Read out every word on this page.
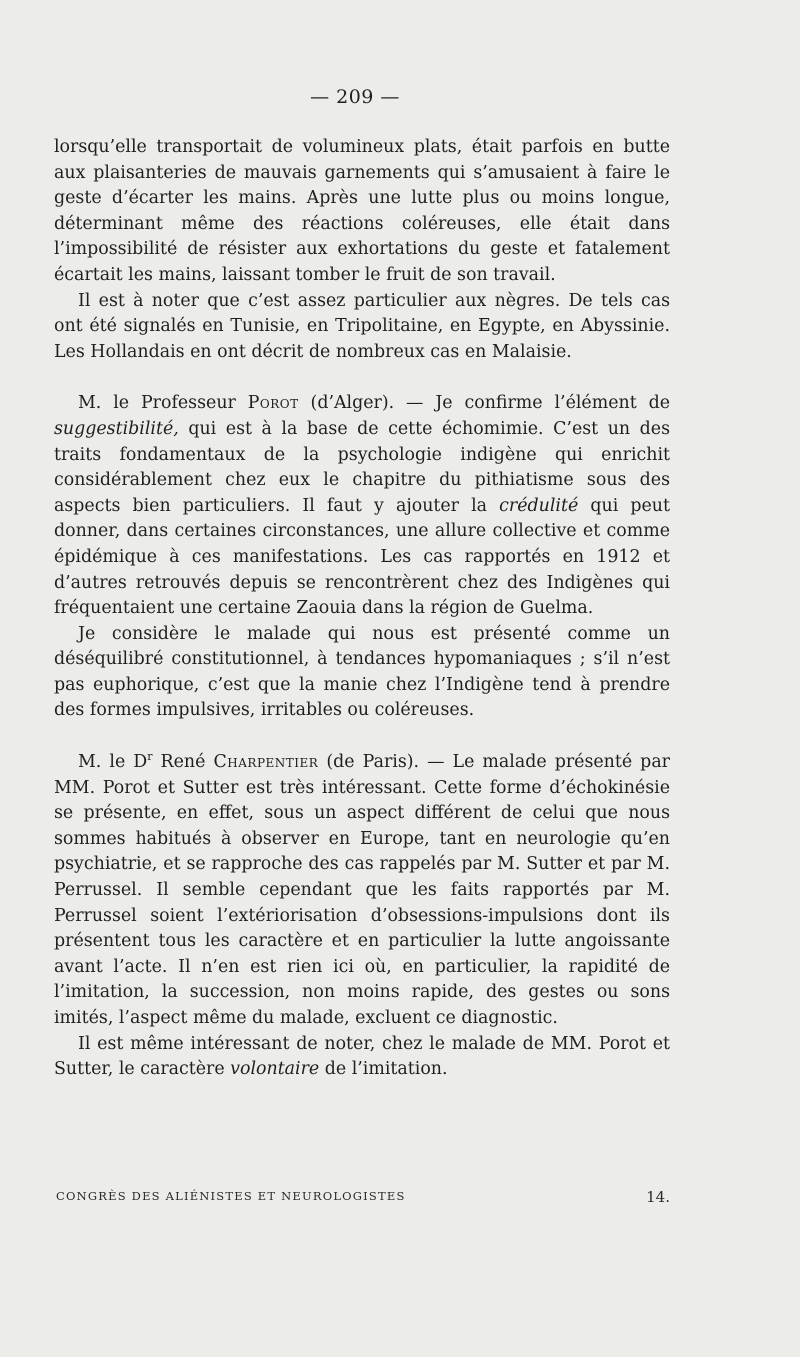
— 209 —

lorsqu’elle transportait de volumineux plats, était parfois en butte aux plaisanteries de mauvais garnements qui s’amusaient à faire le geste d’écarter les mains. Après une lutte plus ou moins longue, déterminant même des réactions coléreuses, elle était dans l’impossibilité de résister aux exhortations du geste et fatalement écartait les mains, laissant tomber le fruit de son travail.

Il est à noter que c’est assez particulier aux nègres. De tels cas ont été signalés en Tunisie, en Tripolitaine, en Egypte, en Abyssinie. Les Hollandais en ont décrit de nombreux cas en Malaisie.

M. le Professeur Porot (d’Alger). — Je confirme l’élément de suggestibilité, qui est à la base de cette échomimie. C’est un des traits fondamentaux de la psychologie indigène qui enrichit considérablement chez eux le chapitre du pithiatisme sous des aspects bien particuliers. Il faut y ajouter la crédulité qui peut donner, dans certaines circonstances, une allure collective et comme épidémique à ces manifestations. Les cas rapportés en 1912 et d’autres retrouvés depuis se rencontrèrent chez des Indigènes qui fréquentaient une certaine Zaouia dans la région de Guelma.

Je considère le malade qui nous est présenté comme un déséquilibré constitutionnel, à tendances hypomaniaques ; s’il n’est pas euphorique, c’est que la manie chez l’Indigène tend à prendre des formes impulsives, irritables ou coléreuses.

M. le $D^r$ René Charpentier (de Paris). — Le malade présenté par MM. Porot et Sutter est très intéressant. Cette forme d’échokinésie se présente, en effet, sous un aspect différent de celui que nous sommes habitués à observer en Europe, tant en neurologie qu’en psychiatrie, et se rapproche des cas rappelés par M. Sutter et par M. Perrussel. Il semble cependant que les faits rapportés par M. Perrussel soient l’extériorisation d’obsessions-impulsions dont ils présentent tous les caractère et en particulier la lutte angoissante avant l’acte. Il n’en est rien ici où, en particulier, la rapidité de l’imitation, la succession, non moins rapide, des gestes ou sons imités, l’aspect même du malade, excluent ce diagnostic.

Il est même intéressant de noter, chez le malade de MM. Porot et Sutter, le caractère volontaire de l’imitation.

CONGRÈS DES ALIÉNISTES ET NEUROLOGISTES	14.
